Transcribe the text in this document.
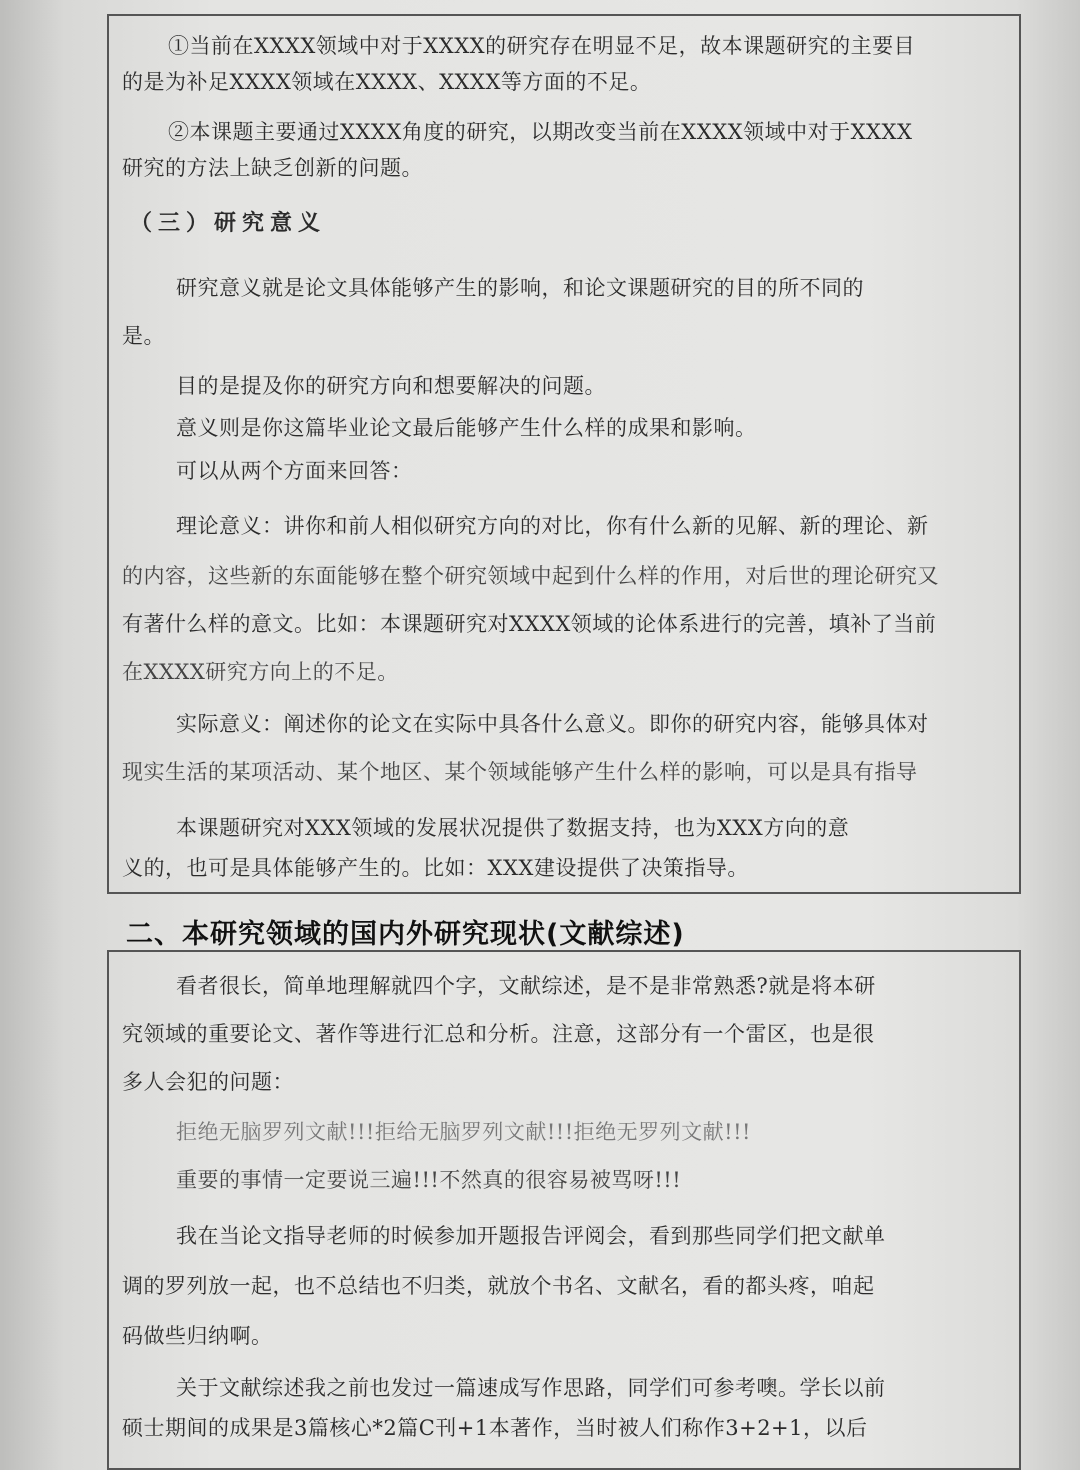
①当前在XXXX领域中对于XXXX的研究存在明显不足，故本课题研究的主要目
的是为补足XXXX领域在XXXX、XXXX等方面的不足。
②本课题主要通过XXXX角度的研究，以期改变当前在XXXX领域中对于XXXX
研究的方法上缺乏创新的问题。
（三）研究意义
研究意义就是论文具体能够产生的影响，和论文课题研究的目的所不同的
是。
目的是提及你的研究方向和想要解决的问题。
意义则是你这篇毕业论文最后能够产生什么样的成果和影响。
可以从两个方面来回答：
理论意义：讲你和前人相似研究方向的对比，你有什么新的见解、新的理论、新
的内容，这些新的东面能够在整个研究领域中起到什么样的作用，对后世的理论研究又
有著什么样的意文。比如：本课题研究对XXXX领域的论体系进行的完善，填补了当前
在XXXX研究方向上的不足。
实际意义：阐述你的论文在实际中具各什么意义。即你的研究内容，能够具体对
现实生活的某项活动、某个地区、某个领域能够产生什么样的影响，可以是具有指导
本课题研究对XXX领域的发展状况提供了数据支持，也为XXX方向的意
义的，也可是具体能够产生的。比如：XXX建设提供了决策指导。
二、本研究领域的国内外研究现状(文献综述)
看者很长，简单地理解就四个字，文献综述，是不是非常熟悉?就是将本研
究领域的重要论文、著作等进行汇总和分析。注意，这部分有一个雷区，也是很
多人会犯的问题：
拒绝无脑罗列文献!!!拒给无脑罗列文献!!!拒绝无罗列文献!!!
重要的事情一定要说三遍!!!不然真的很容易被骂呀!!!
我在当论文指导老师的时候参加开题报告评阅会，看到那些同学们把文献单
调的罗列放一起，也不总结也不归类，就放个书名、文献名，看的都头疼，咱起
码做些归纳啊。
关于文献综述我之前也发过一篇速成写作思路，同学们可参考噢。学长以前
硕士期间的成果是3篇核心*2篇C刊+1本著作，当时被人们称作3+2+1，以后
